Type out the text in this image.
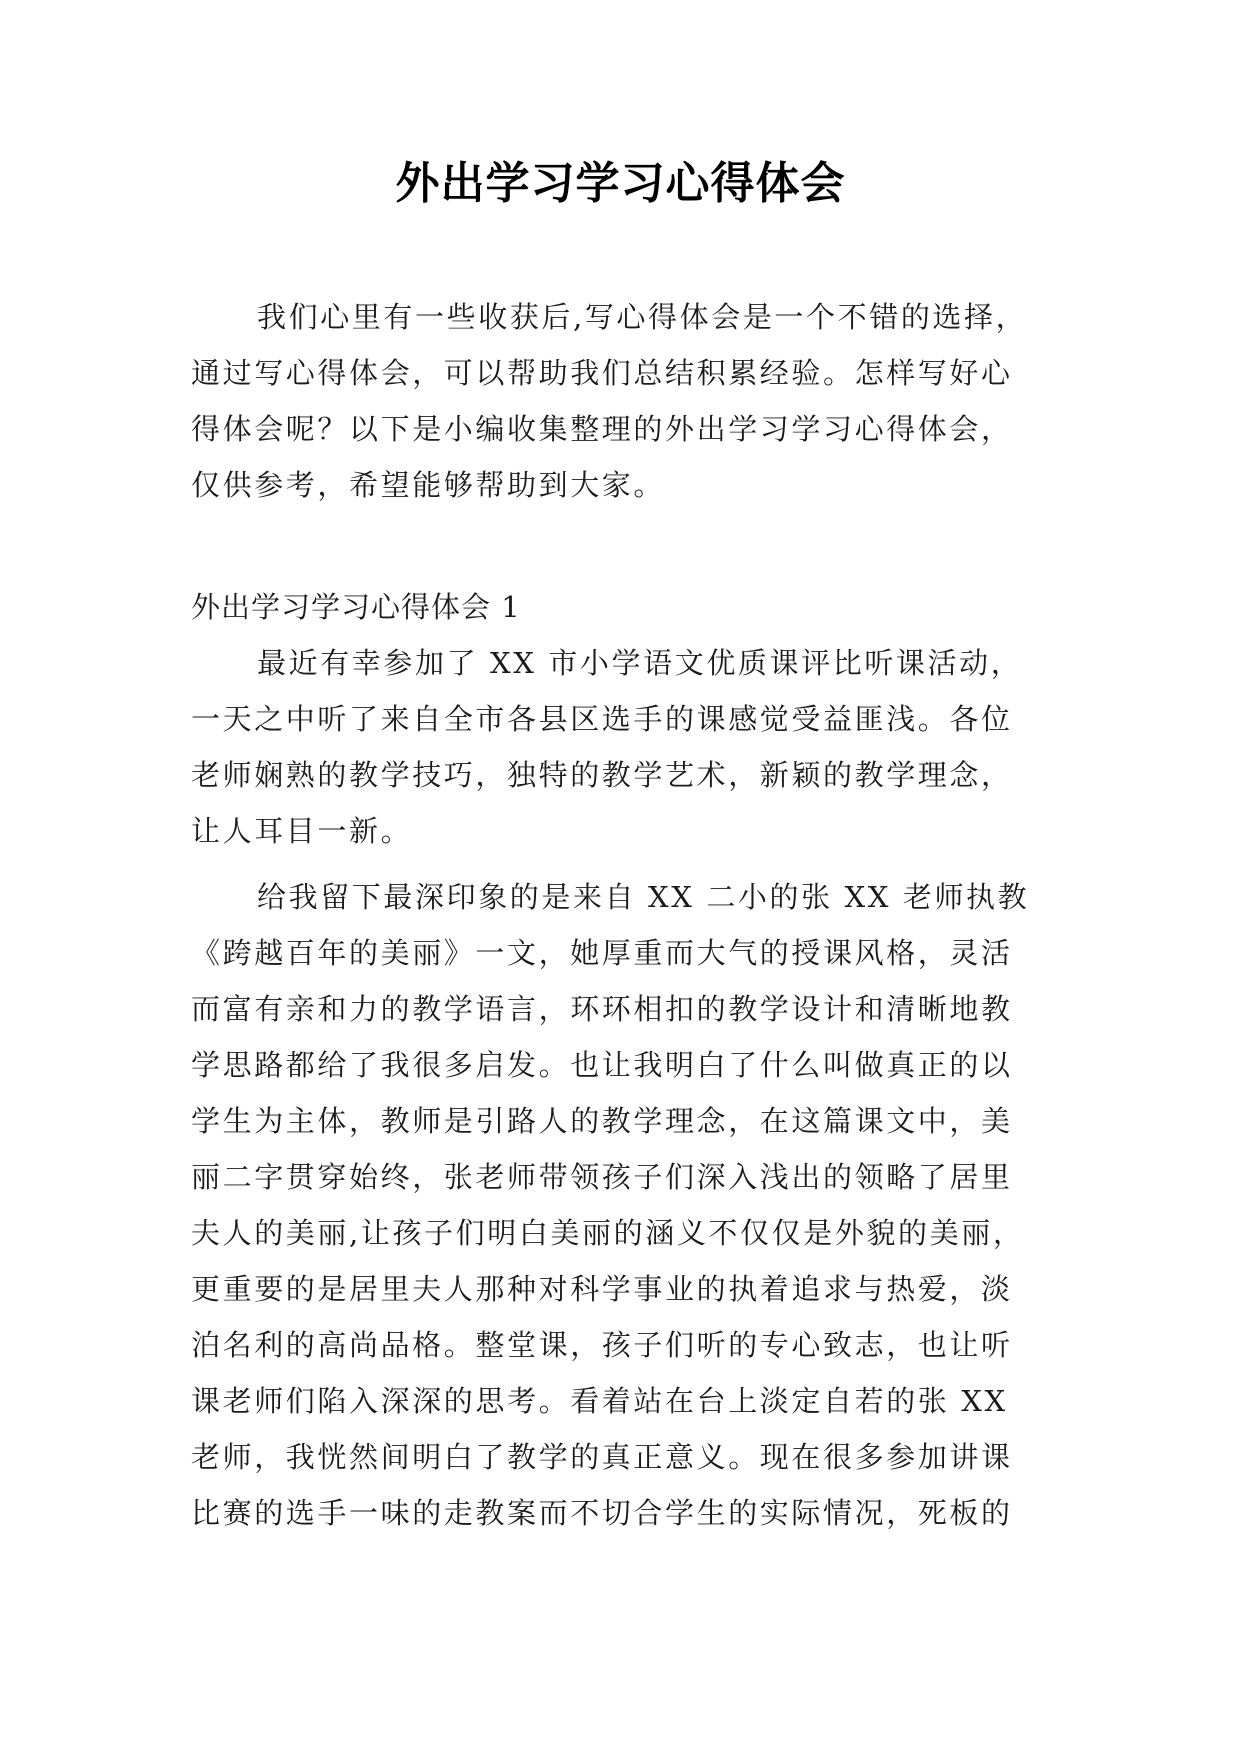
外出学习学习心得体会
我们心里有一些收获后,写心得体会是一个不错的选择，
通过写心得体会，可以帮助我们总结积累经验。怎样写好心
得体会呢？以下是小编收集整理的外出学习学习心得体会，
仅供参考，希望能够帮助到大家。
外出学习学习心得体会 1
最近有幸参加了 XX 市小学语文优质课评比听课活动，
一天之中听了来自全市各县区选手的课感觉受益匪浅。各位
老师娴熟的教学技巧，独特的教学艺术，新颖的教学理念，
让人耳目一新。
给我留下最深印象的是来自 XX 二小的张 XX 老师执教
《跨越百年的美丽》一文，她厚重而大气的授课风格，灵活
而富有亲和力的教学语言，环环相扣的教学设计和清晰地教
学思路都给了我很多启发。也让我明白了什么叫做真正的以
学生为主体，教师是引路人的教学理念，在这篇课文中，美
丽二字贯穿始终，张老师带领孩子们深入浅出的领略了居里
夫人的美丽,让孩子们明白美丽的涵义不仅仅是外貌的美丽，
更重要的是居里夫人那种对科学事业的执着追求与热爱，淡
泊名利的高尚品格。整堂课，孩子们听的专心致志，也让听
课老师们陷入深深的思考。看着站在台上淡定自若的张 XX
老师，我恍然间明白了教学的真正意义。现在很多参加讲课
比赛的选手一味的走教案而不切合学生的实际情况，死板的
